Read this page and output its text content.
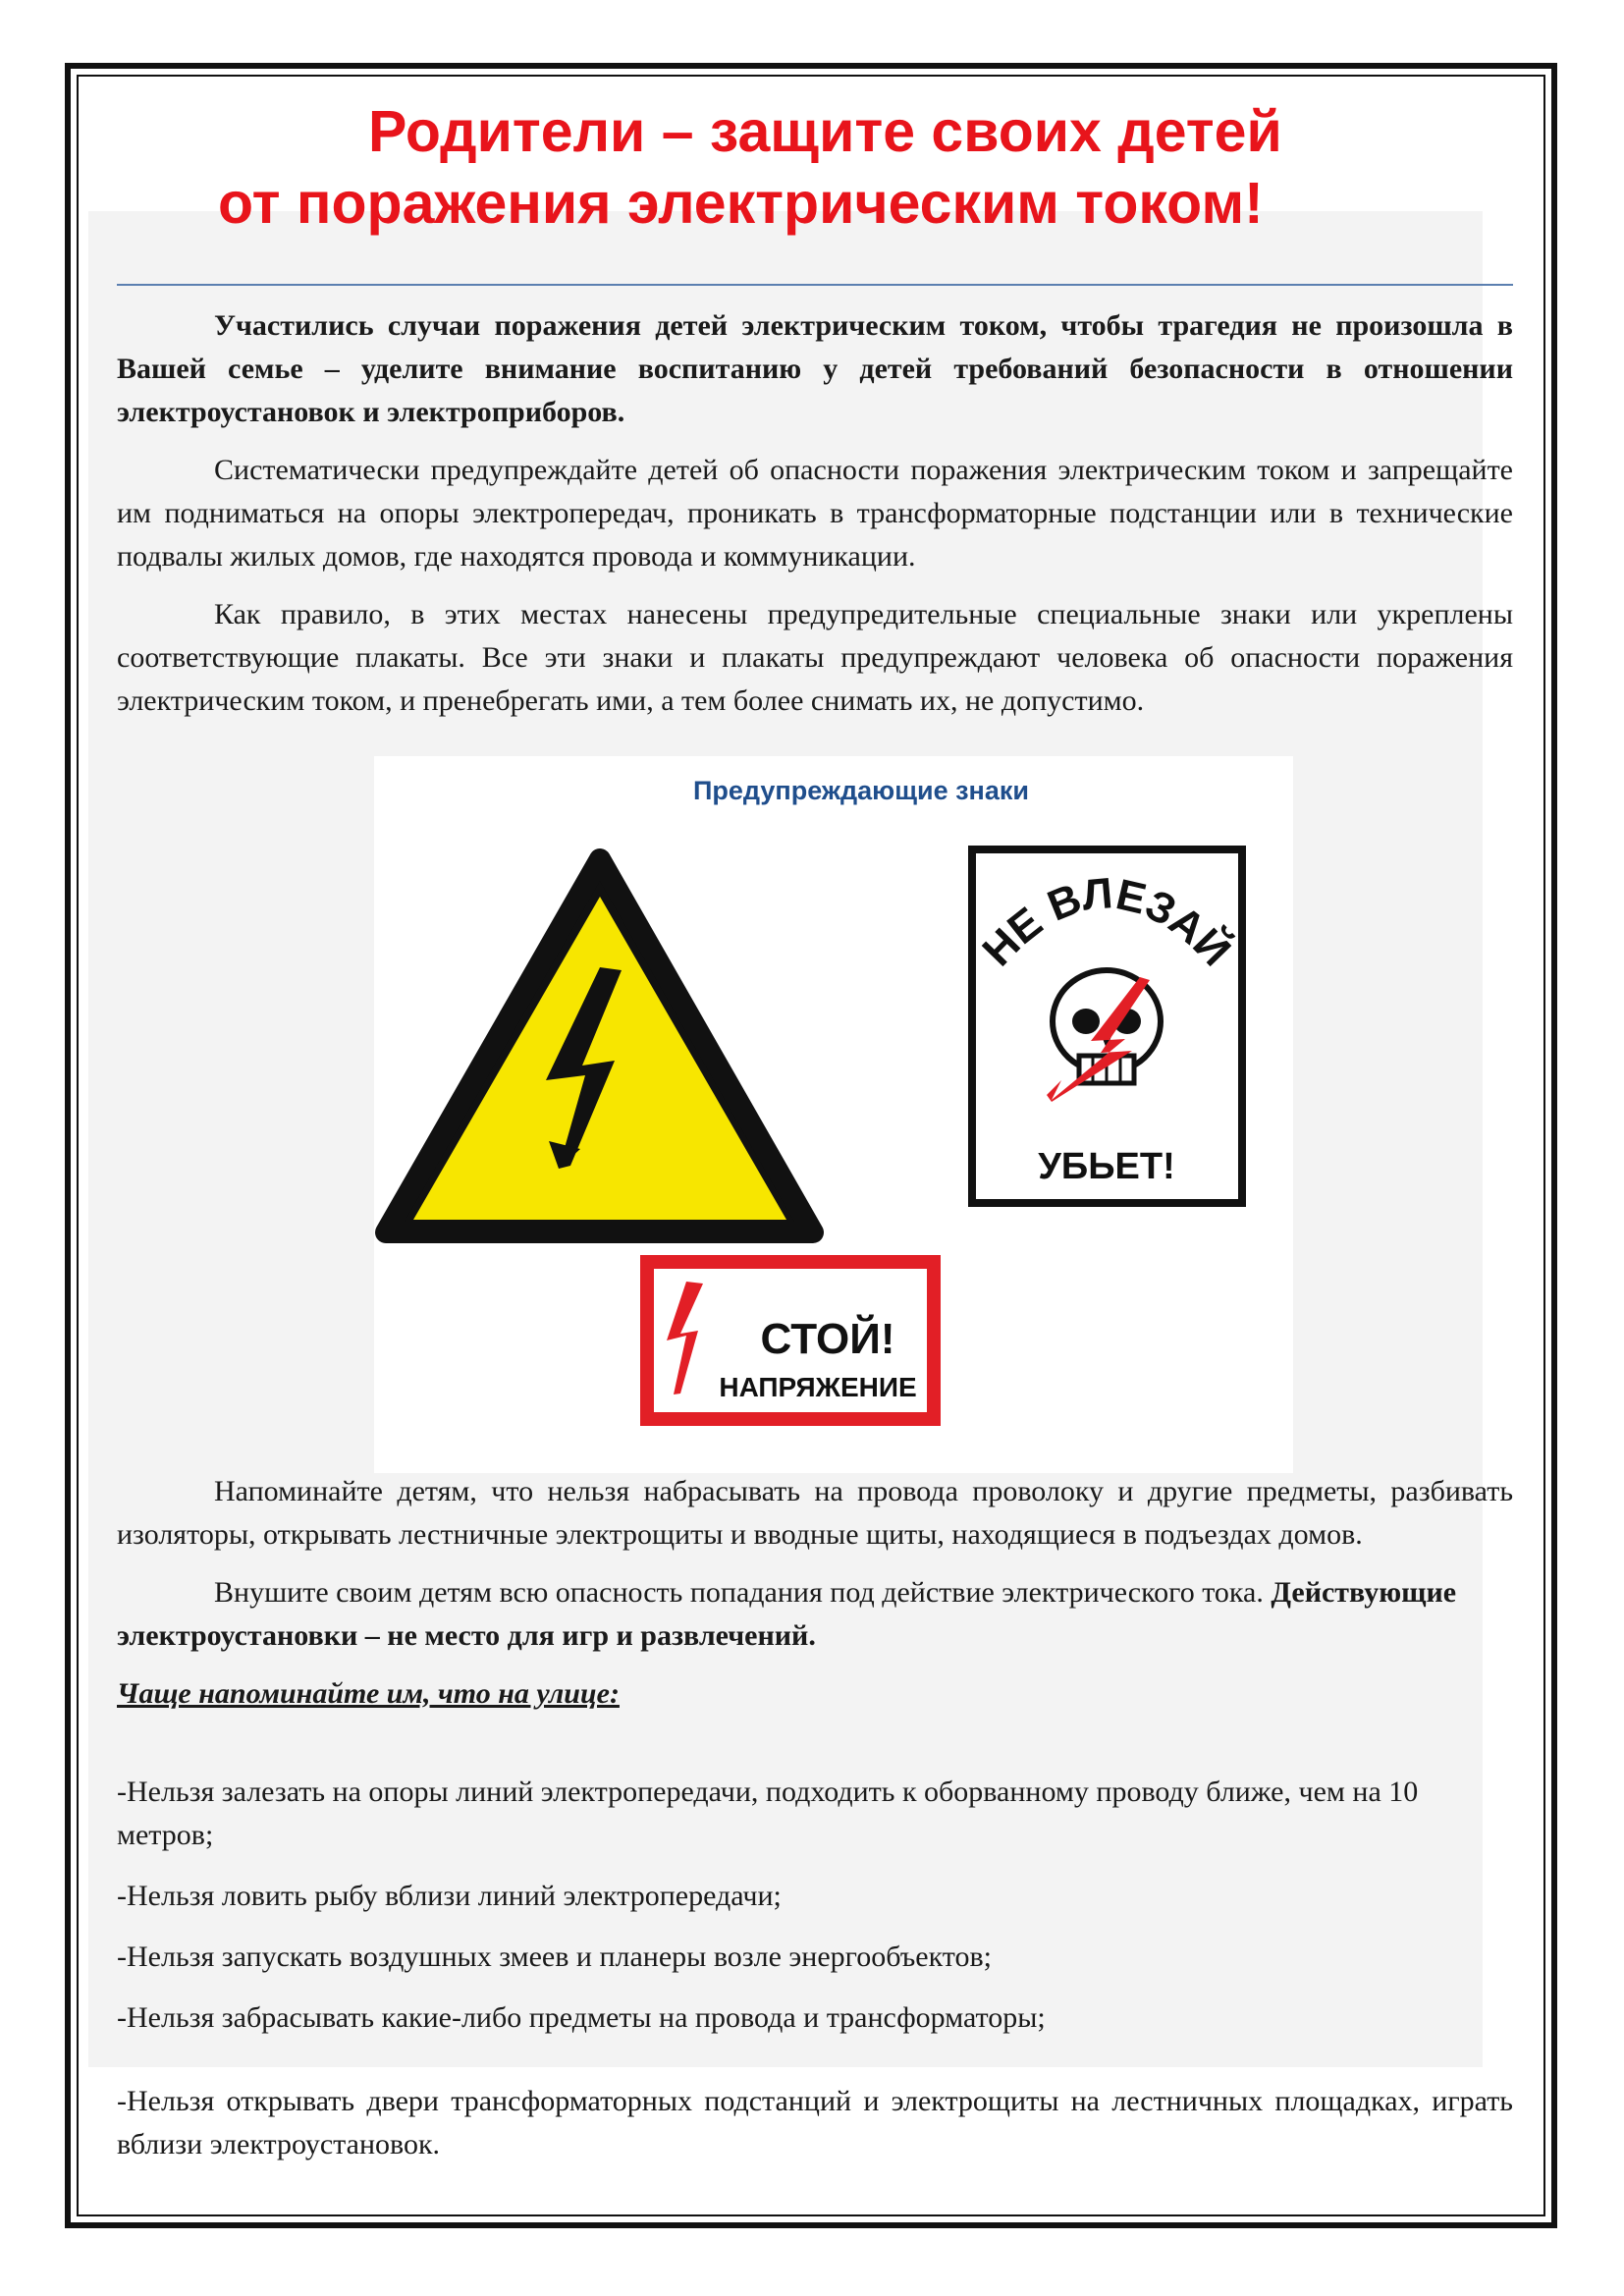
Родители – защите своих детей
от поражения электрическим током!

Участились случаи поражения детей электрическим током, чтобы трагедия не произошла в Вашей семье – уделите внимание воспитанию у детей требований безопасности в отношении электроустановок и электроприборов.

Систематически предупреждайте детей об опасности поражения электрическим током и запрещайте им подниматься на опоры электропередач, проникать в трансформаторные подстанции или в технические подвалы жилых домов, где находятся провода и коммуникации.

Как правило, в этих местах нанесены предупредительные специальные знаки или укреплены соответствующие плакаты. Все эти знаки и плакаты предупреждают человека об опасности поражения электрическим током, и пренебрегать ими, а тем более снимать их, не допустимо.

Предупреждающие знаки
НЕ ВЛЕЗАЙ
УБЬЕТ!
СТОЙ!
НАПРЯЖЕНИЕ

Напоминайте детям, что нельзя набрасывать на провода проволоку и другие предметы, разбивать изоляторы, открывать лестничные электрощиты и вводные щиты, находящиеся в подъездах домов.

Внушите своим детям всю опасность попадания под действие электрического тока. Действующие электроустановки – не место для игр и развлечений.

Чаще напоминайте им, что на улице:

-Нельзя залезать на опоры линий электропередачи, подходить к оборванному проводу ближе, чем на 10 метров;
-Нельзя ловить рыбу вблизи линий электропередачи;
-Нельзя запускать воздушных змеев и планеры возле энергообъектов;
-Нельзя забрасывать какие-либо предметы на провода и трансформаторы;
-Нельзя открывать двери трансформаторных подстанций и электрощиты на лестничных площадках, играть вблизи электроустановок.
